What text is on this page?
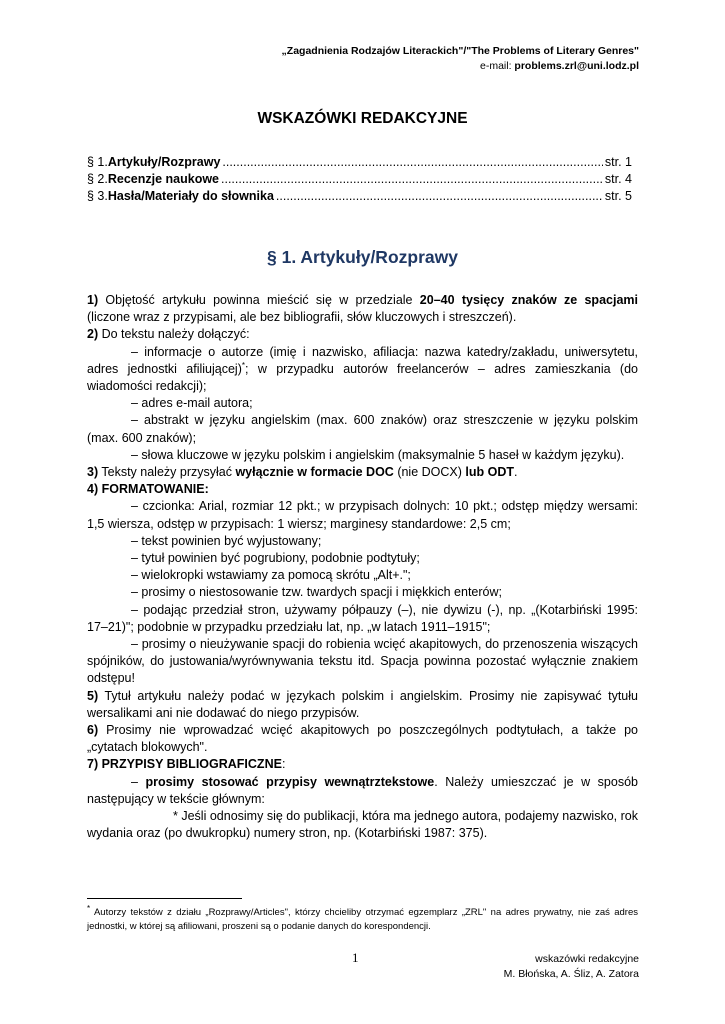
„Zagadnienia Rodzajów Literackich"/"The Problems of Literary Genres"
e-mail: problems.zrl@uni.lodz.pl
WSKAZÓWKI REDAKCYJNE
§ 1. Artykuły/Rozprawy .....	str. 1
§ 2. Recenzje naukowe .....	str. 4
§ 3. Hasła/Materiały do słownika .....	str. 5
§ 1. Artykuły/Rozprawy

1) Objętość artykułu powinna mieścić się w przedziale 20–40 tysięcy znaków ze spacjami (liczone wraz z przypisami, ale bez bibliografii, słów kluczowych i streszczeń).

2) Do tekstu należy dołączyć:

– informacje o autorze (imię i nazwisko, afiliacja: nazwa katedry/zakładu, uniwersytetu, adres jednostki afiliującej)*; w przypadku autorów freelancerów – adres zamieszkania (do wiadomości redakcji);

– adres e-mail autora;

– abstrakt w języku angielskim (max. 600 znaków) oraz streszczenie w języku polskim (max. 600 znaków);

– słowa kluczowe w języku polskim i angielskim (maksymalnie 5 haseł w każdym języku).

3) Teksty należy przysyłać wyłącznie w formacie DOC (nie DOCX) lub ODT.

4) FORMATOWANIE:

– czcionka: Arial, rozmiar 12 pkt.; w przypisach dolnych: 10 pkt.; odstęp między wersami: 1,5 wiersza, odstęp w przypisach: 1 wiersz; marginesy standardowe: 2,5 cm;

– tekst powinien być wyjustowany;

– tytuł powinien być pogrubiony, podobnie podtytuły;

– wielokropki wstawiamy za pomocą skrótu „Alt+.";

– prosimy o niestosowanie tzw. twardych spacji i miękkich enterów;

– podając przedział stron, używamy półpauzy (–), nie dywizu (-), np. „(Kotarbiński 1995: 17–21)"; podobnie w przypadku przedziału lat, np. „w latach 1911–1915";

– prosimy o nieużywanie spacji do robienia wcięć akapitowych, do przenoszenia wiszących spójników, do justowania/wyrównywania tekstu itd. Spacja powinna pozostać wyłącznie znakiem odstępu!

5) Tytuł artykułu należy podać w językach polskim i angielskim. Prosimy nie zapisywać tytułu wersalikami ani nie dodawać do niego przypisów.

6) Prosimy nie wprowadzać wcięć akapitowych po poszczególnych podtytułach, a także po „cytatach blokowych".

7) PRZYPISY BIBLIOGRAFICZNE:

– prosimy stosować przypisy wewnątrztekstowe. Należy umieszczać je w sposób następujący w tekście głównym:

* Jeśli odnosimy się do publikacji, która ma jednego autora, podajemy nazwisko, rok wydania oraz (po dwukropku) numery stron, np. (Kotarbiński 1987: 375).

* Autorzy tekstów z działu „Rozprawy/Articles", którzy chcieliby otrzymać egzemplarz „ZRL" na adres prywatny, nie zaś adres jednostki, w której są afiliowani, proszeni są o podanie danych do korespondencji.
1	wskazówki redakcyjne
M. Błońska, A. Śliz, A. Zatora
